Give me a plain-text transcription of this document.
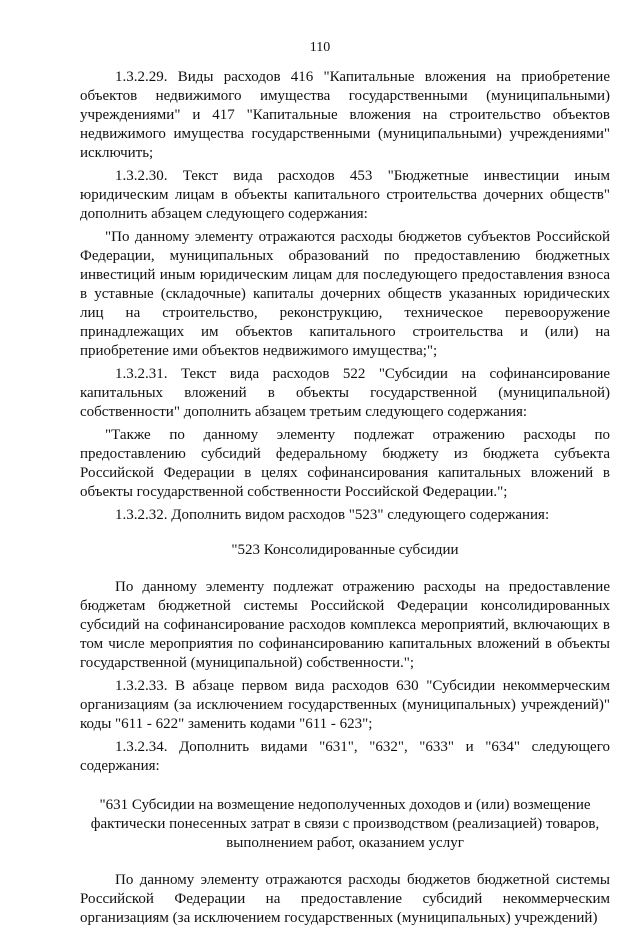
110

1.3.2.29. Виды расходов 416 "Капитальные вложения на приобретение объектов недвижимого имущества государственными (муниципальными) учреждениями" и 417 "Капитальные вложения на строительство объектов недвижимого имущества государственными (муниципальными) учреждениями" исключить;

1.3.2.30. Текст вида расходов 453 "Бюджетные инвестиции иным юридическим лицам в объекты капитального строительства дочерних обществ" дополнить абзацем следующего содержания:

"По данному элементу отражаются расходы бюджетов субъектов Российской Федерации, муниципальных образований по предоставлению бюджетных инвестиций иным юридическим лицам для последующего предоставления взноса в уставные (складочные) капиталы дочерних обществ указанных юридических лиц на строительство, реконструкцию, техническое перевооружение принадлежащих им объектов капитального строительства и (или) на приобретение ими объектов недвижимого имущества;";

1.3.2.31. Текст вида расходов 522 "Субсидии на софинансирование капитальных вложений в объекты государственной (муниципальной) собственности" дополнить абзацем третьим следующего содержания:

"Также по данному элементу подлежат отражению расходы по предоставлению субсидий федеральному бюджету из бюджета субъекта Российской Федерации в целях софинансирования капитальных вложений в объекты государственной собственности Российской Федерации.";

1.3.2.32. Дополнить видом расходов "523" следующего содержания:

"523 Консолидированные субсидии

По данному элементу подлежат отражению расходы на предоставление бюджетам бюджетной системы Российской Федерации консолидированных субсидий на софинансирование расходов комплекса мероприятий, включающих в том числе мероприятия по софинансированию капитальных вложений в объекты государственной (муниципальной) собственности.";

1.3.2.33. В абзаце первом вида расходов 630 "Субсидии некоммерческим организациям (за исключением государственных (муниципальных) учреждений)" коды "611 - 622" заменить кодами "611 - 623";

1.3.2.34. Дополнить видами "631", "632", "633" и "634" следующего содержания:

"631 Субсидии на возмещение недополученных доходов и (или) возмещение фактически понесенных затрат в связи с производством (реализацией) товаров, выполнением работ, оказанием услуг

По данному элементу отражаются расходы бюджетов бюджетной системы Российской Федерации на предоставление субсидий некоммерческим организациям (за исключением государственных (муниципальных) учреждений)
